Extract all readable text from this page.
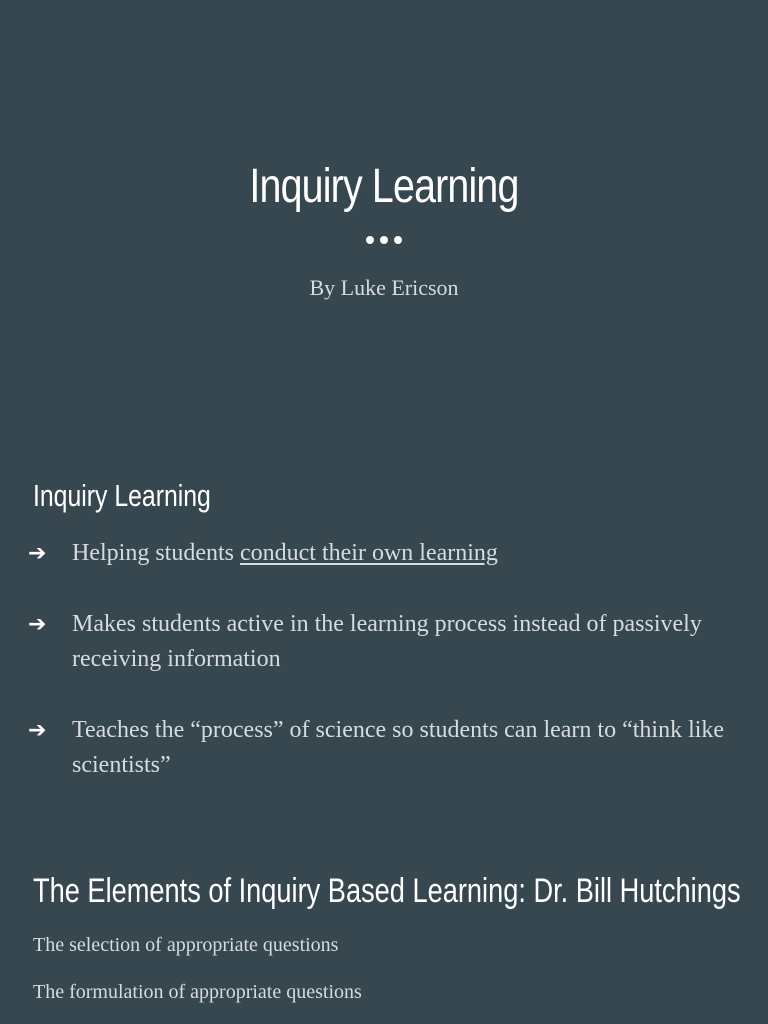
Inquiry Learning
By Luke Ericson
Inquiry Learning
➔ Helping students conduct their own learning
➔ Makes students active in the learning process instead of passively receiving information
➔ Teaches the “process” of science so students can learn to “think like scientists”
The Elements of Inquiry Based Learning: Dr. Bill Hutchings
The selection of appropriate questions
The formulation of appropriate questions
